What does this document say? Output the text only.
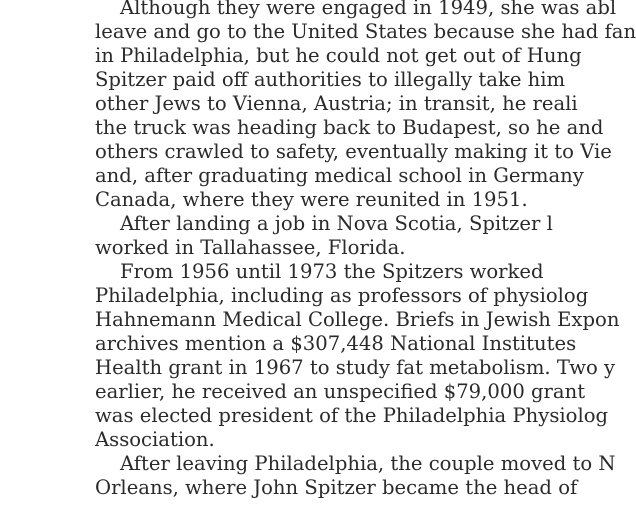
Although they were engaged in 1949, she was abl

leave and go to the United States because she had fan

in Philadelphia, but he could not get out of Hung

Spitzer paid off authorities to illegally take him

other Jews to Vienna, Austria; in transit, he reali

the truck was heading back to Budapest, so he and

others crawled to safety, eventually making it to Vie

and, after graduating medical school in Germany

Canada, where they were reunited in 1951.

After landing a job in Nova Scotia, Spitzer l

worked in Tallahassee, Florida.

From 1956 until 1973 the Spitzers worked

Philadelphia, including as professors of physiolog

Hahnemann Medical College. Briefs in Jewish Expon

archives mention a $307,448 National Institutes

Health grant in 1967 to study fat metabolism. Two y

earlier, he received an unspecified $79,000 grant

was elected president of the Philadelphia Physiolog

Association.

After leaving Philadelphia, the couple moved to N

Orleans, where John Spitzer became the head of
